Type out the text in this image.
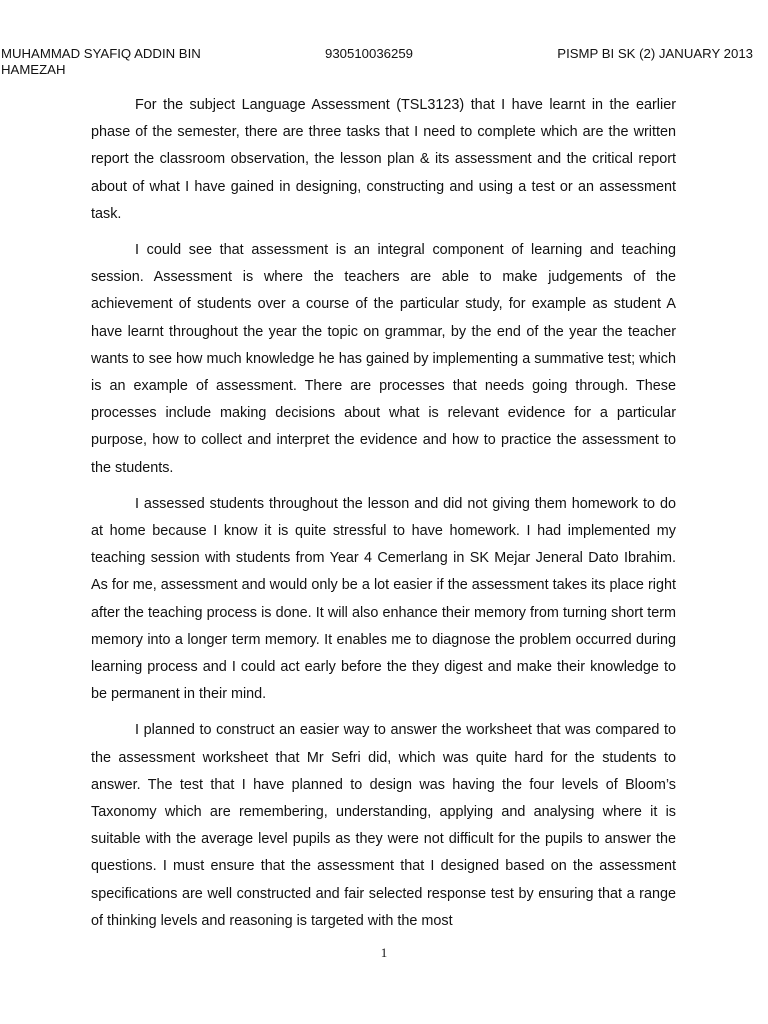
MUHAMMAD SYAFIQ ADDIN BIN HAMEZAH
930510036259	PISMP BI SK (2) JANUARY 2013

For the subject Language Assessment (TSL3123) that I have learnt in the earlier phase of the semester, there are three tasks that I need to complete which are the written report the classroom observation, the lesson plan & its assessment and the critical report about of what I have gained in designing, constructing and using a test or an assessment task.

I could see that assessment is an integral component of learning and teaching session. Assessment is where the teachers are able to make judgements of the achievement of students over a course of the particular study, for example as student A have learnt throughout the year the topic on grammar, by the end of the year the teacher wants to see how much knowledge he has gained by implementing a summative test; which is an example of assessment. There are processes that needs going through. These processes include making decisions about what is relevant evidence for a particular purpose, how to collect and interpret the evidence and how to practice the assessment to the students.

I assessed students throughout the lesson and did not giving them homework to do at home because I know it is quite stressful to have homework. I had implemented my teaching session with students from Year 4 Cemerlang in SK Mejar Jeneral Dato Ibrahim. As for me, assessment and would only be a lot easier if the assessment takes its place right after the teaching process is done. It will also enhance their memory from turning short term memory into a longer term memory. It enables me to diagnose the problem occurred during learning process and I could act early before the they digest and make their knowledge to be permanent in their mind.

I planned to construct an easier way to answer the worksheet that was compared to the assessment worksheet that Mr Sefri did, which was quite hard for the students to answer. The test that I have planned to design was having the four levels of Bloom’s Taxonomy which are remembering, understanding, applying and analysing where it is suitable with the average level pupils as they were not difficult for the pupils to answer the questions. I must ensure that the assessment that I designed based on the assessment specifications are well constructed and fair selected response test by ensuring that a range of thinking levels and reasoning is targeted with the most

1
